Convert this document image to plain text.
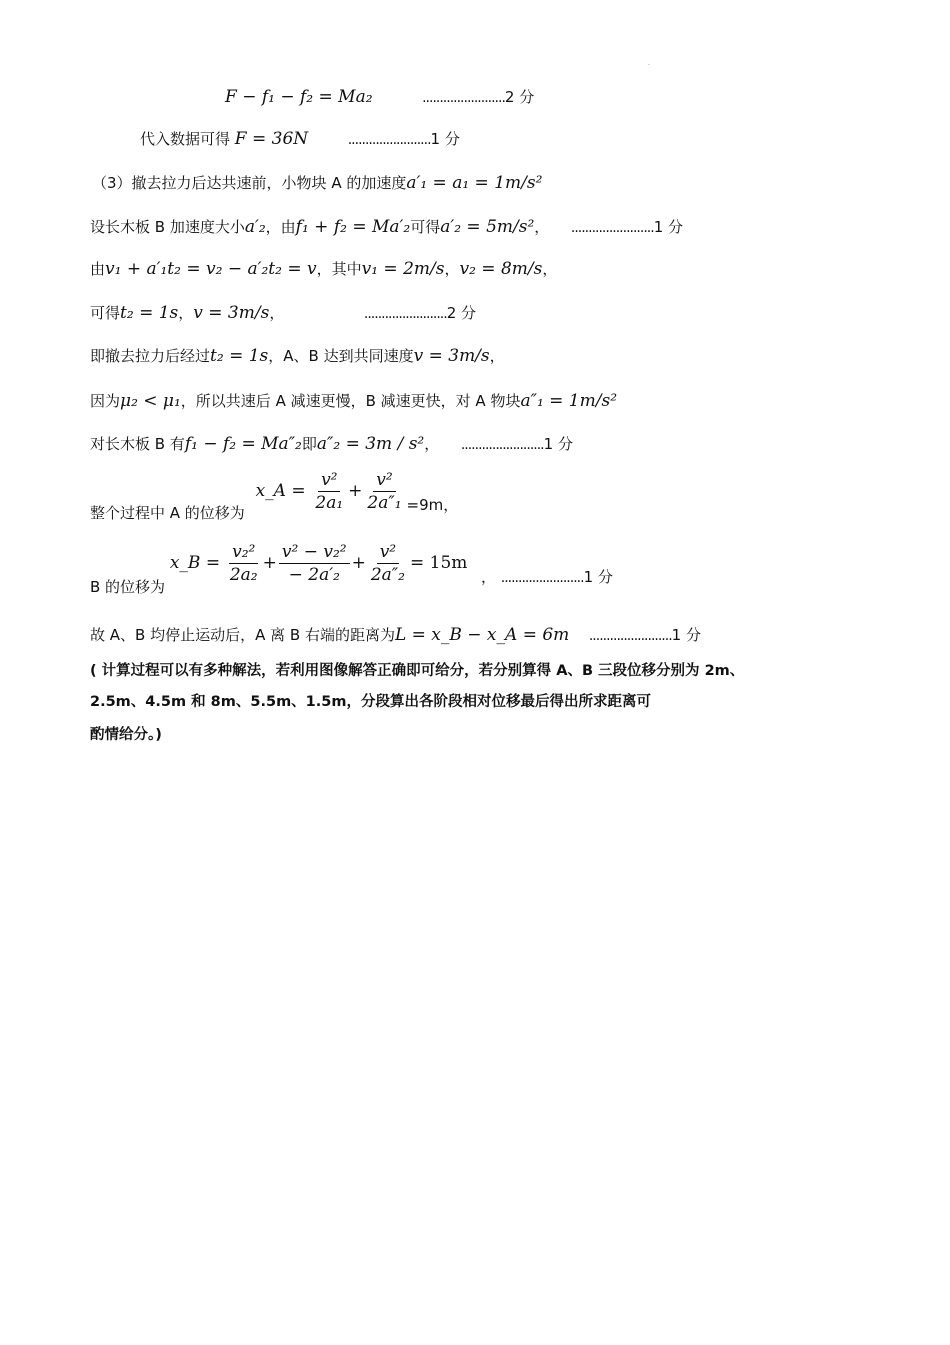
·
F − f₁ − f₂ = Ma₂	........................2 分
代入数据可得 F = 36N	........................1 分
（3）撤去拉力后达共速前，小物块 A 的加速度a′₁ = a₁ = 1m/s²
设长木板 B 加速度大小a′₂，由f₁ + f₂ = Ma′₂可得a′₂ = 5m/s²， ........................1 分
由v₁ + a′₁t₂ = v₂ − a′₂t₂ = v，其中v₁ = 2m/s，v₂ = 8m/s，
可得t₂ = 1s，v = 3m/s，	........................2 分
即撤去拉力后经过t₂ = 1s，A、B 达到共同速度v = 3m/s，
因为μ₂ < μ₁，所以共速后 A 减速更慢，B 减速更快，对 A 物块a″₁ = 1m/s²
对长木板 B 有f₁ − f₂ = Ma″₂即a″₂ = 3m / s²， ........................1 分
整个过程中 A 的位移为 x_A = $\frac{\text{v²}}{\text{2a₁}} + \frac{\text{v²}}{\text{2a″₁}} =9m$，
B 的位移为 x_B = $\frac{\text{v₂²}}{\text{2a₂}} + \frac{\text{v² − v₂²}}{\text{− 2a′₂}} + \frac{\text{v²}}{\text{2a″₂}} = 15m$  ， ........................1 分
故 A、B 均停止运动后，A 离 B 右端的距离为L = x_B − x_A = 6m ........................1 分
( 计算过程可以有多种解法，若利用图像解答正确即可给分，若分别算得 A、B 三段位移分别为 2m、
2.5m、4.5m 和 8m、5.5m、1.5m，分段算出各阶段相对位移最后得出所求距离可
酌情给分。)
